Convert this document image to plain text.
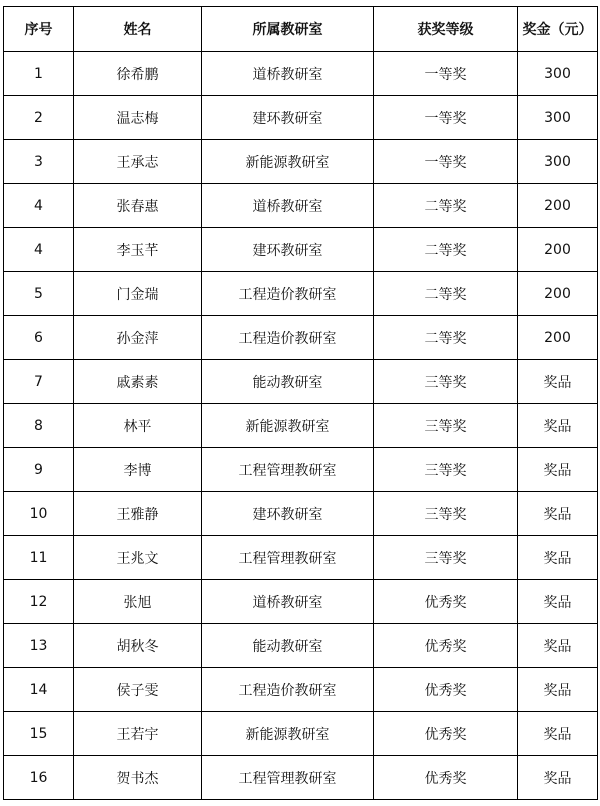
序号	姓名	所属教研室	获奖等级	奖金（元）
1	徐希鹏	道桥教研室	一等奖	300
2	温志梅	建环教研室	一等奖	300
3	王承志	新能源教研室	一等奖	300
4	张春惠	道桥教研室	二等奖	200
4	李玉芊	建环教研室	二等奖	200
5	门金瑞	工程造价教研室	二等奖	200
6	孙金萍	工程造价教研室	二等奖	200
7	戚素素	能动教研室	三等奖	奖品
8	林平	新能源教研室	三等奖	奖品
9	李博	工程管理教研室	三等奖	奖品
10	王雅静	建环教研室	三等奖	奖品
11	王兆文	工程管理教研室	三等奖	奖品
12	张旭	道桥教研室	优秀奖	奖品
13	胡秋冬	能动教研室	优秀奖	奖品
14	侯子雯	工程造价教研室	优秀奖	奖品
15	王若宇	新能源教研室	优秀奖	奖品
16	贺书杰	工程管理教研室	优秀奖	奖品
